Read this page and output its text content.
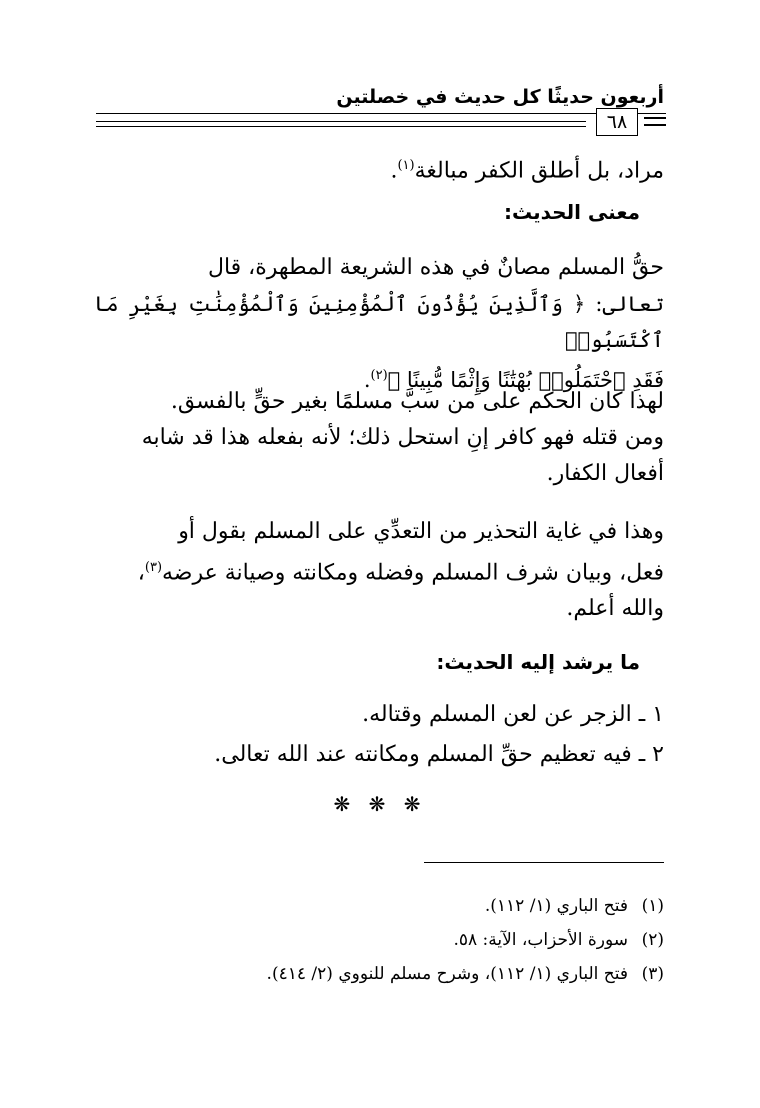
أربعون حديثًا كل حديث في خصلتين
٦٨
مراد، بل أطلق الكفر مبالغة$^{(١)}$.
معنى الحديث:
حقُّ المسلم مصانٌ في هذه الشريعة المطهرة، قال
تعالى: ﴿ وَٱلَّذِينَ يُؤْذُونَ ٱلْمُؤْمِنِينَ وَٱلْمُؤْمِنَٰتِ بِغَيْرِ مَا ٱكْتَسَبُوا۟
فَقَدِ ٱحْتَمَلُوا۟ بُهْتَٰنًا وَإِثْمًا مُّبِينًا ﴾$^{(٢)}$.
لهذا كان الحكم على من سبَّ مسلمًا بغير حقٍّ بالفسق.
ومن قتله فهو كافر إنِ استحل ذلك؛ لأنه بفعله هذا قد شابه
أفعال الكفار.
وهذا في غاية التحذير من التعدِّي على المسلم بقول أو
فعل، وبيان شرف المسلم وفضله ومكانته وصيانة عرضه$^{(٣)}$،
والله أعلم.
ما يرشد إليه الحديث:
١ ـ الزجر عن لعن المسلم وقتاله.
٢ ـ فيه تعظيم حقِّ المسلم ومكانته عند الله تعالى.
❋ ❋ ❋
(١)فتح الباري (١/ ١١٢).
(٢)سورة الأحزاب، الآية: ٥٨.
(٣)فتح الباري (١/ ١١٢)، وشرح مسلم للنووي (٢/ ٤١٤).
